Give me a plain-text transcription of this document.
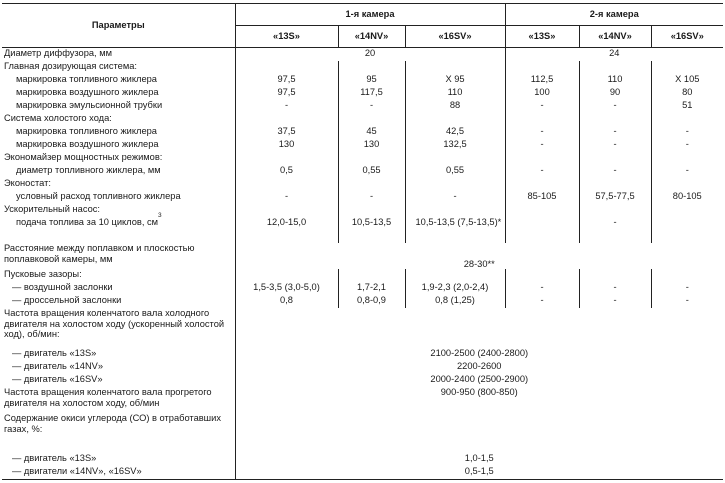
Параметры	1-я камера			2-я камера		
	«13S»	«14NV»	«16SV»	«13S»	«14NV»	«16SV»
Диаметр диффузора, мм	20			24		
Главная дозирующая система:						
маркировка топливного жиклера	97,5	95	X 95	112,5	110	X 105
маркировка воздушного жиклера	97,5	117,5	110	100	90	80
маркировка эмульсионной трубки	-	-	88	-	-	51
Система холостого хода:						
маркировка топливного жиклера	37,5	45	42,5	-	-	-
маркировка воздушного жиклера	130	130	132,5	-	-	-
Экономайзер мощностных режимов:						
диаметр топливного жиклера, мм	0,5	0,55	0,55	-	-	-
Эконостат:						
условный расход топливного жиклера	-	-	-	85-105	57,5-77,5	80-105
Ускорительный насос:						
подача топлива за 10 циклов, $см^3$	12,0-15,0	10,5-13,5	10,5-13,5 (7,5-13,5)*		-	
Расстояние между поплавком и плоскостью поплавковой камеры, мм	28-30**					
Пусковые зазоры:						
— воздушной заслонки	1,5-3,5 (3,0-5,0)	1,7-2,1	1,9-2,3 (2,0-2,4)	-	-	-
— дроссельной заслонки	0,8	0,8-0,9	0,8 (1,25)	-	-	-
Частота вращения коленчатого вала холодного двигателя на холостом ходу (ускоренный холостой ход), об/мин:						
— двигатель «13S»	2100-2500 (2400-2800)					
— двигатель «14NV»	2200-2600					
— двигатель «16SV»	2000-2400 (2500-2900)					
Частота вращения коленчатого вала прогретого двигателя на холостом ходу, об/мин	900-950 (800-850)					
Содержание окиси углерода (СО) в отработавших газах, %:						
— двигатель «13S»	1,0-1,5					
— двигатели «14NV», «16SV»	0,5-1,5					
